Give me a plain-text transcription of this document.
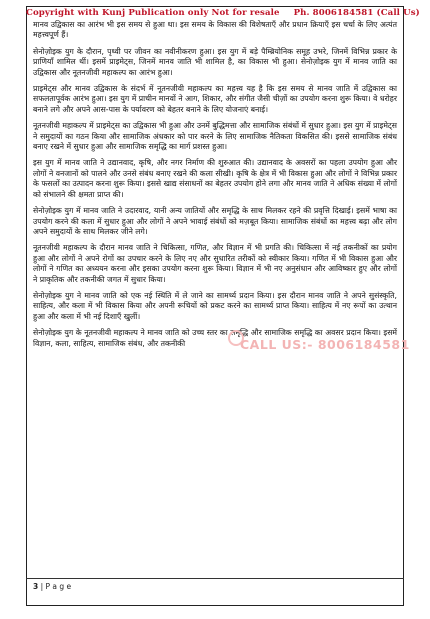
Copyright with Kunj Publication only Not for resale Ph. 8006184581 (Call Us)

मानव उद्विकास का आरंभ भी इस समय से हुआ था। इस समय के विकास की विशेषताएँ और प्रधान क्रियाएँ इस चर्चा के लिए अत्यंत महत्त्वपूर्ण हैं।

सेनोज़ोइक युग के दौरान, पृथ्वी पर जीवन का नवीनीकरण हुआ। इस युग में बड़े पैम्ब्रियोनिक समूह उभरे, जिनमें विभिन्न प्रकार के प्राणियाँ शामिल थीं। इसमें प्राइमेट्स, जिनमें मानव जाति भी शामिल है, का विकास भी हुआ। सेनोज़ोइक युग में मानव जाति का उद्विकास और नूतनजीवी महाकल्प का आरंभ हुआ।

प्राइमेट्स और मानव उद्विकास के संदर्भ में नूतनजीवी महाकल्प का महत्त्व यह है कि इस समय से मानव जाति में उद्विकास का सफलतापूर्वक आरंभ हुआ। इस युग में प्राचीन मानवों ने आग, शिकार, और संगीत जैसी चीज़ों का उपयोग करना शुरू किया। वे धरोहर बनाने लगे और अपने आस-पास के पर्यावरण को बेहतर बनाने के लिए योजनाएं बनाई।

नूतनजीवी महाकल्प में प्राइमेट्स का उद्विकास भी हुआ और उनमें बुद्धिमत्ता और सामाजिक संबंधों में सुधार हुआ। इस युग में प्राइमेट्स ने समुदायों का गठन किया और सामाजिक अंधकार को पार करने के लिए सामाजिक नैतिकता विकसित की। इससे सामाजिक संबंध बनाए रखने में सुधार हुआ और सामाजिक समृद्धि का मार्ग प्रशस्त हुआ।

इस युग में मानव जाति ने उद्यानवाद, कृषि, और नगर निर्माण की शुरुआत की। उद्यानवाद के अवसरों का पहला उपयोग हुआ और लोगों ने वनजानों को पालने और उनसे संबंध बनाए रखने की कला सीखी। कृषि के क्षेत्र में भी विकास हुआ और लोगों ने विभिन्न प्रकार के फसलों का उत्पादन करना शुरू किया। इससे खाद्य संसाधनों का बेहतर उपयोग होने लगा और मानव जाति ने अधिक संख्या में लोगों को संभालने की क्षमता प्राप्त की।

सेनोज़ोइक युग में मानव जाति ने उदारवाद, यानी अन्य जातियों और समृद्धि के साथ मिलकर रहने की प्रवृत्ति दिखाई। इसमें भाषा का उपयोग करने की कला में सुधार हुआ और लोगों ने अपने भावाई संबंधों को मज़बूत किया। सामाजिक संबंधों का महत्त्व बढ़ा और लोग अपने समुदायों के साथ मिलकर जीने लगे।

नूतनजीवी महाकल्प के दौरान मानव जाति ने चिकित्सा, गणित, और विज्ञान में भी प्रगति की। चिकित्सा में नई तकनीकों का प्रयोग हुआ और लोगों ने अपने रोगों का उपचार करने के लिए नए और सुधारित तरीकों को स्वीकार किया। गणित में भी विकास हुआ और लोगों ने गणित का अध्ययन करना और इसका उपयोग करना शुरू किया। विज्ञान में भी नए अनुसंधान और आविष्कार हुए और लोगों ने प्राकृतिक और तकनीकी जगत में सुधार किया।

सेनोज़ोइक युग ने मानव जाति को एक नई स्थिति में ले जाने का सामर्थ्य प्रदान किया। इस दौरान मानव जाति ने अपने सुसंस्कृति, साहित्य, और कला में भी विकास किया और अपनी रूचियों को प्रकट करने का सामर्थ्य प्राप्त किया। साहित्य में नए रूपों का उत्थान हुआ और कला में भी नई दिशाएँ खुलीं।

सेनोज़ोइक युग के नूतनजीवी महाकल्प ने मानव जाति को उच्च स्तर का समृद्धि और सामाजिक समृद्धि का अवसर प्रदान किया। इसमें विज्ञान, कला, साहित्य, सामाजिक संबंध, और तकनीकी	CALL US:- 8006184581
3 | P a g e
